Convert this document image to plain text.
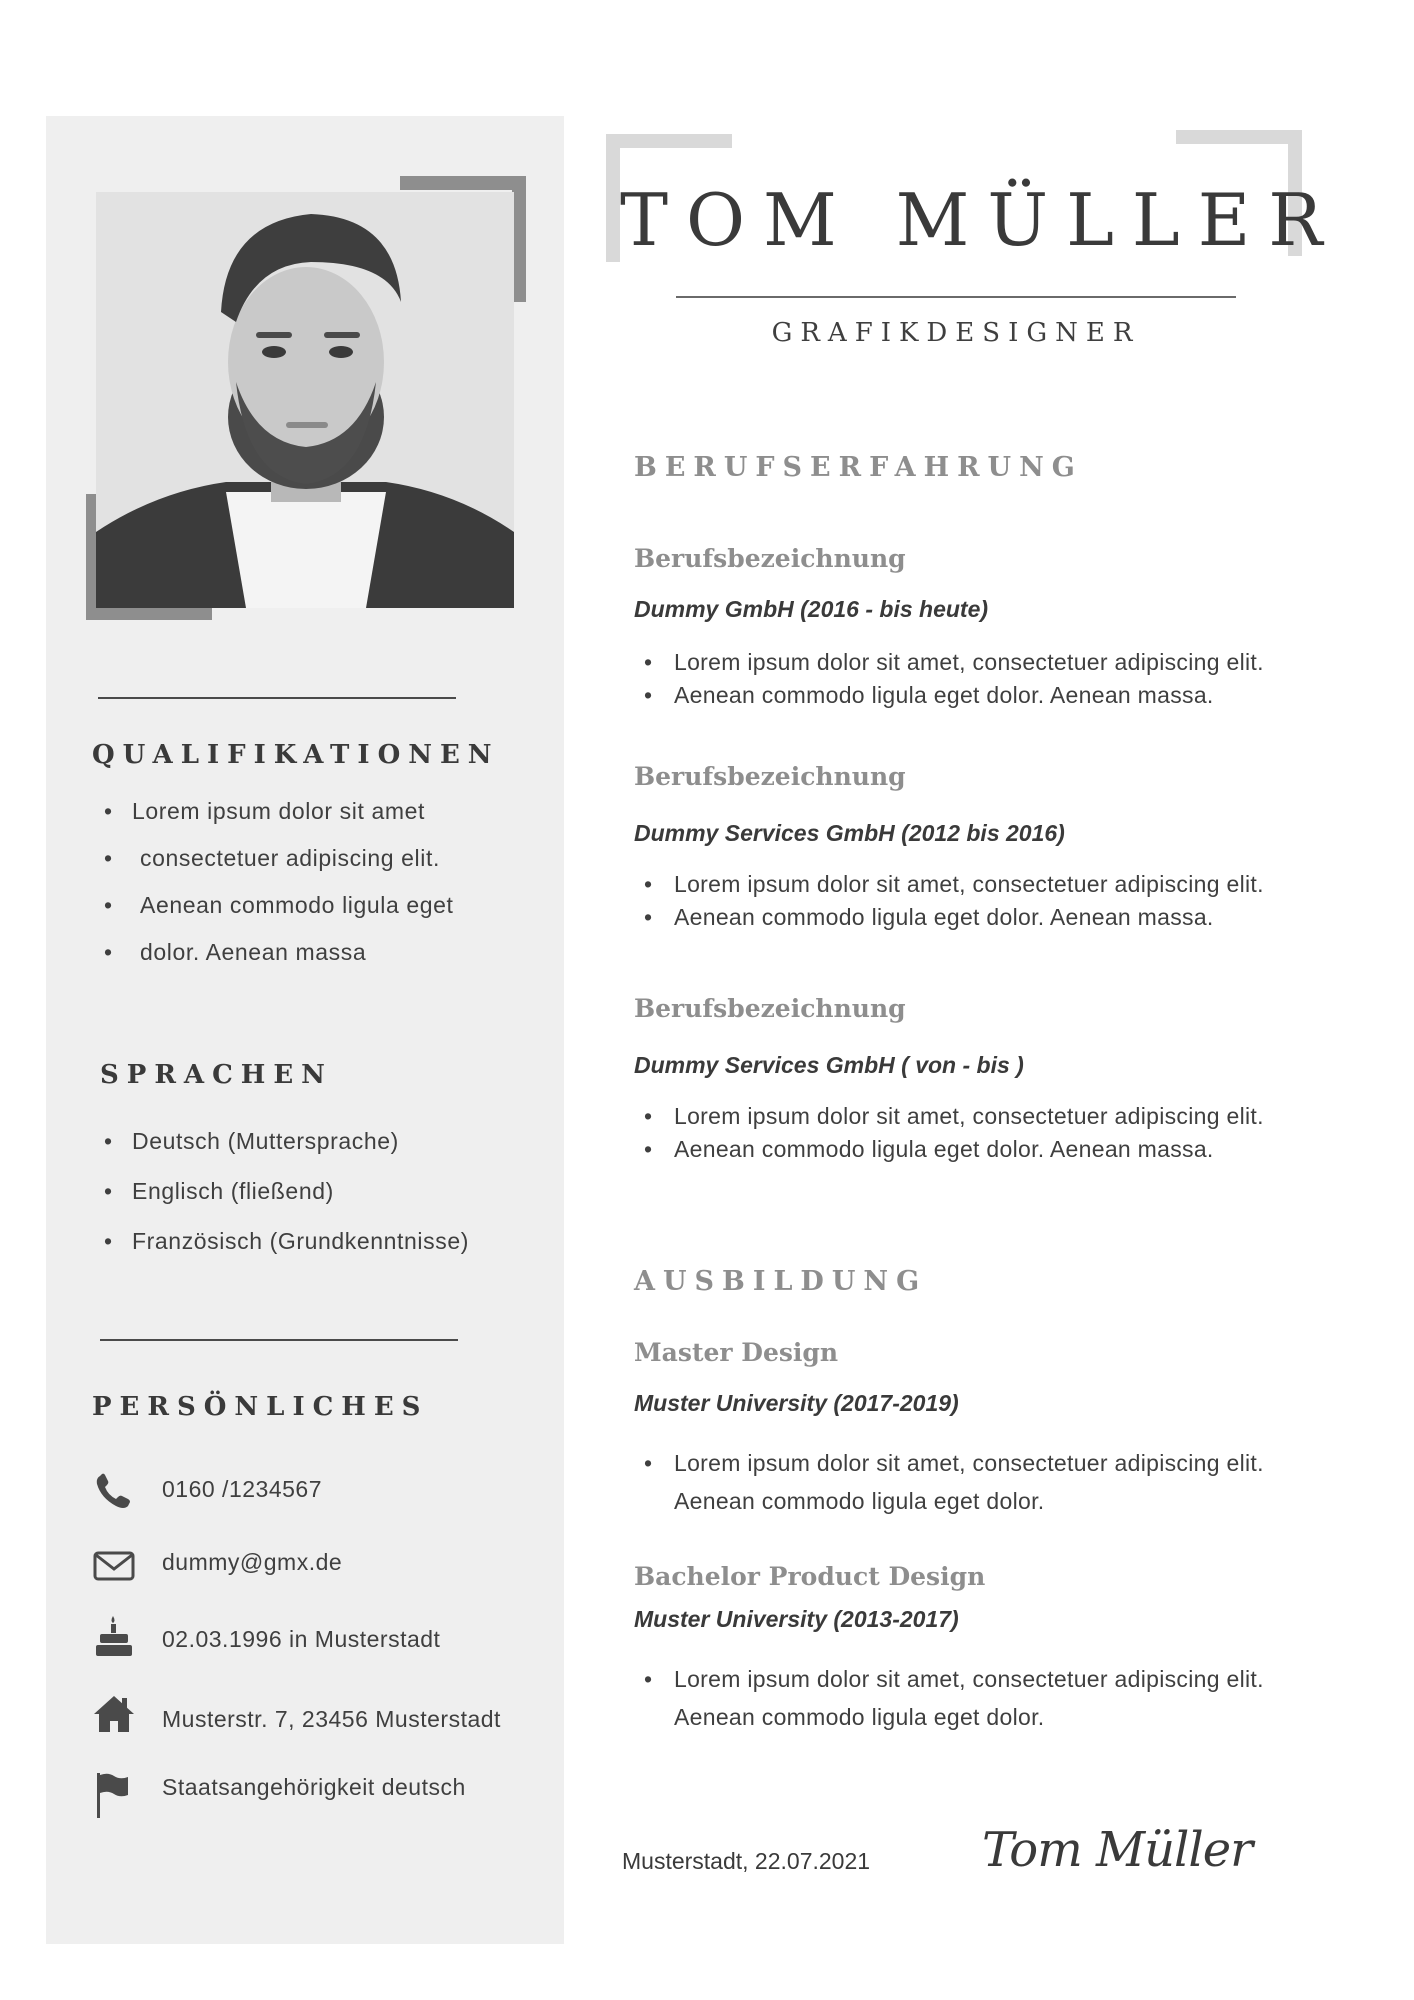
QUALIFIKATIONEN
• Lorem ipsum dolor sit amet
• consectetuer adipiscing elit.
• Aenean commodo ligula eget
• dolor. Aenean massa
SPRACHEN
• Deutsch (Muttersprache)
• Englisch (fließend)
• Französisch (Grundkenntnisse)
PERSÖNLICHES
0160 /1234567
dummy@gmx.de
02.03.1996 in Musterstadt
Musterstr. 7, 23456 Musterstadt
Staatsangehörigkeit deutsch
TOM MÜLLER
GRAFIKDESIGNER
BERUFSERFAHRUNG
Berufsbezeichnung
Dummy GmbH (2016 - bis heute)
• Lorem ipsum dolor sit amet, consectetuer adipiscing elit.
• Aenean commodo ligula eget dolor. Aenean massa.
Berufsbezeichnung
Dummy Services GmbH (2012 bis 2016)
• Lorem ipsum dolor sit amet, consectetuer adipiscing elit.
• Aenean commodo ligula eget dolor. Aenean massa.
Berufsbezeichnung
Dummy Services GmbH ( von - bis )
• Lorem ipsum dolor sit amet, consectetuer adipiscing elit.
• Aenean commodo ligula eget dolor. Aenean massa.
AUSBILDUNG
Master Design
Muster University (2017-2019)
• Lorem ipsum dolor sit amet, consectetuer adipiscing elit. Aenean commodo ligula eget dolor.
Bachelor Product Design
Muster University (2013-2017)
• Lorem ipsum dolor sit amet, consectetuer adipiscing elit. Aenean commodo ligula eget dolor.
Musterstadt, 22.07.2021 Tom Müller
